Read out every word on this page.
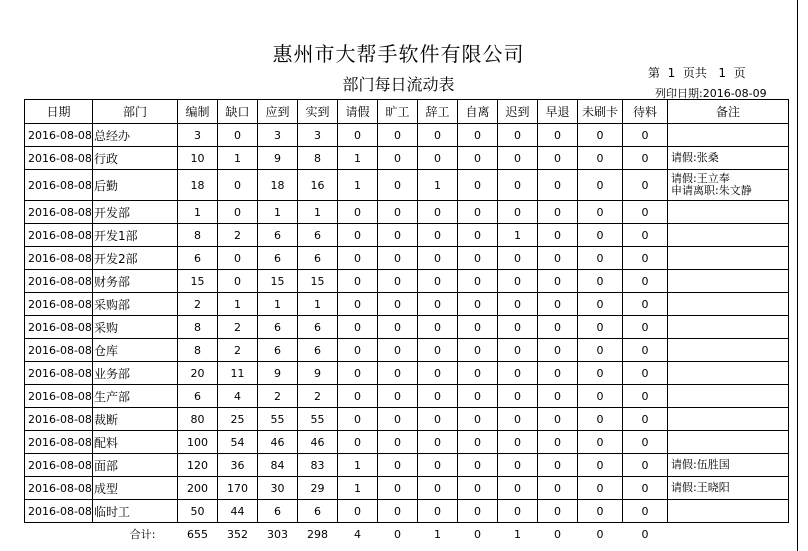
惠州市大帮手软件有限公司
部门每日流动表
第  1  页共   1  页
列印日期:2016-08-09
日期	部门	编制	缺口	应到	实到	请假	旷工	辞工	自离	迟到	早退	未刷卡	待料	备注
2016-08-08	总经办	3	0	3	3	0	0	0	0	0	0	0	0	
2016-08-08	行政	10	1	9	8	1	0	0	0	0	0	0	0	请假:张桑

2016-08-08	后勤	18	0	18	16	1	0	1	0	0	0	0	0	请假:王立奉
申请离职:朱文静

2016-08-08	开发部	1	0	1	1	0	0	0	0	0	0	0	0	
2016-08-08	开发1部	8	2	6	6	0	0	0	0	1	0	0	0	
2016-08-08	开发2部	6	0	6	6	0	0	0	0	0	0	0	0	
2016-08-08	财务部	15	0	15	15	0	0	0	0	0	0	0	0	
2016-08-08	采购部	2	1	1	1	0	0	0	0	0	0	0	0	
2016-08-08	采购	8	2	6	6	0	0	0	0	0	0	0	0	
2016-08-08	仓库	8	2	6	6	0	0	0	0	0	0	0	0	
2016-08-08	业务部	20	11	9	9	0	0	0	0	0	0	0	0	
2016-08-08	生产部	6	4	2	2	0	0	0	0	0	0	0	0	
2016-08-08	裁断	80	25	55	55	0	0	0	0	0	0	0	0	
2016-08-08	配料	100	54	46	46	0	0	0	0	0	0	0	0	
2016-08-08	面部	120	36	84	83	1	0	0	0	0	0	0	0	请假:伍胜国

2016-08-08	成型	200	170	30	29	1	0	0	0	0	0	0	0	请假:王晓阳

2016-08-08	临时工	50	44	6	6	0	0	0	0	0	0	0	0	
合计:		655	352	303	298	4	0	1	0	1	0	0	0	
